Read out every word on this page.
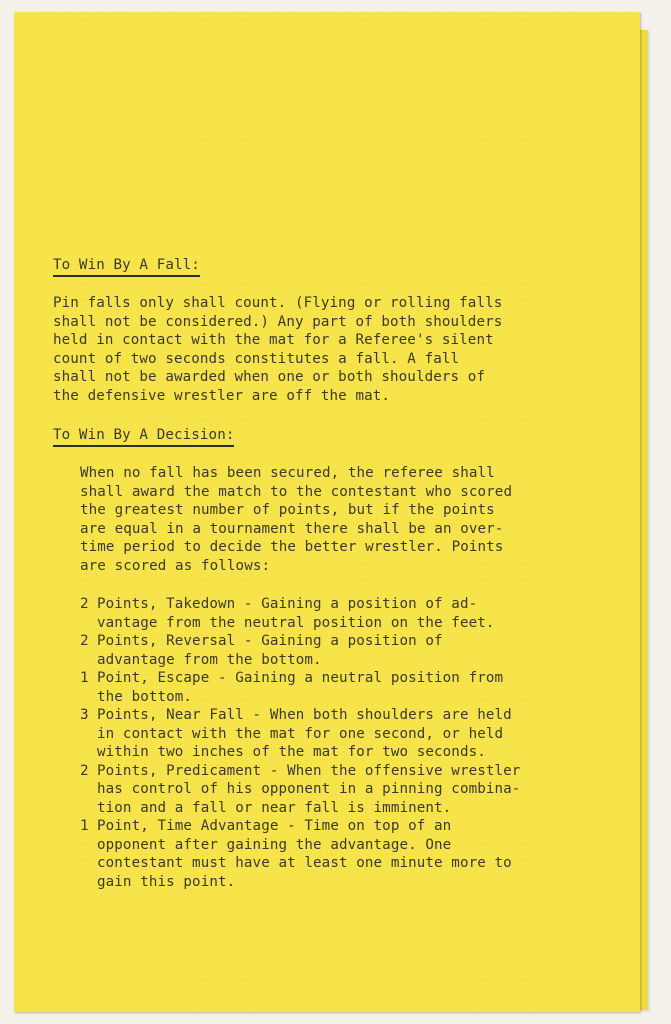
To Win By A Fall:
Pin falls only shall count. (Flying or rolling falls
shall not be considered.) Any part of both shoulders
held in contact with the mat for a Referee's silent
count of two seconds constitutes a fall. A fall
shall not be awarded when one or both shoulders of
the defensive wrestler are off the mat.
To Win By A Decision:
When no fall has been secured, the referee shall
shall award the match to the contestant who scored
the greatest number of points, but if the points
are equal in a tournament there shall be an over-
time period to decide the better wrestler. Points
are scored as follows:
2 Points, Takedown - Gaining a position of ad-
vantage from the neutral position on the feet.
2 Points, Reversal - Gaining a position of
advantage from the bottom.
1 Point, Escape - Gaining a neutral position from
the bottom.
3 Points, Near Fall - When both shoulders are held
in contact with the mat for one second, or held
within two inches of the mat for two seconds.
2 Points, Predicament - When the offensive wrestler
has control of his opponent in a pinning combina-
tion and a fall or near fall is imminent.
1 Point, Time Advantage - Time on top of an
opponent after gaining the advantage. One
contestant must have at least one minute more to
gain this point.
